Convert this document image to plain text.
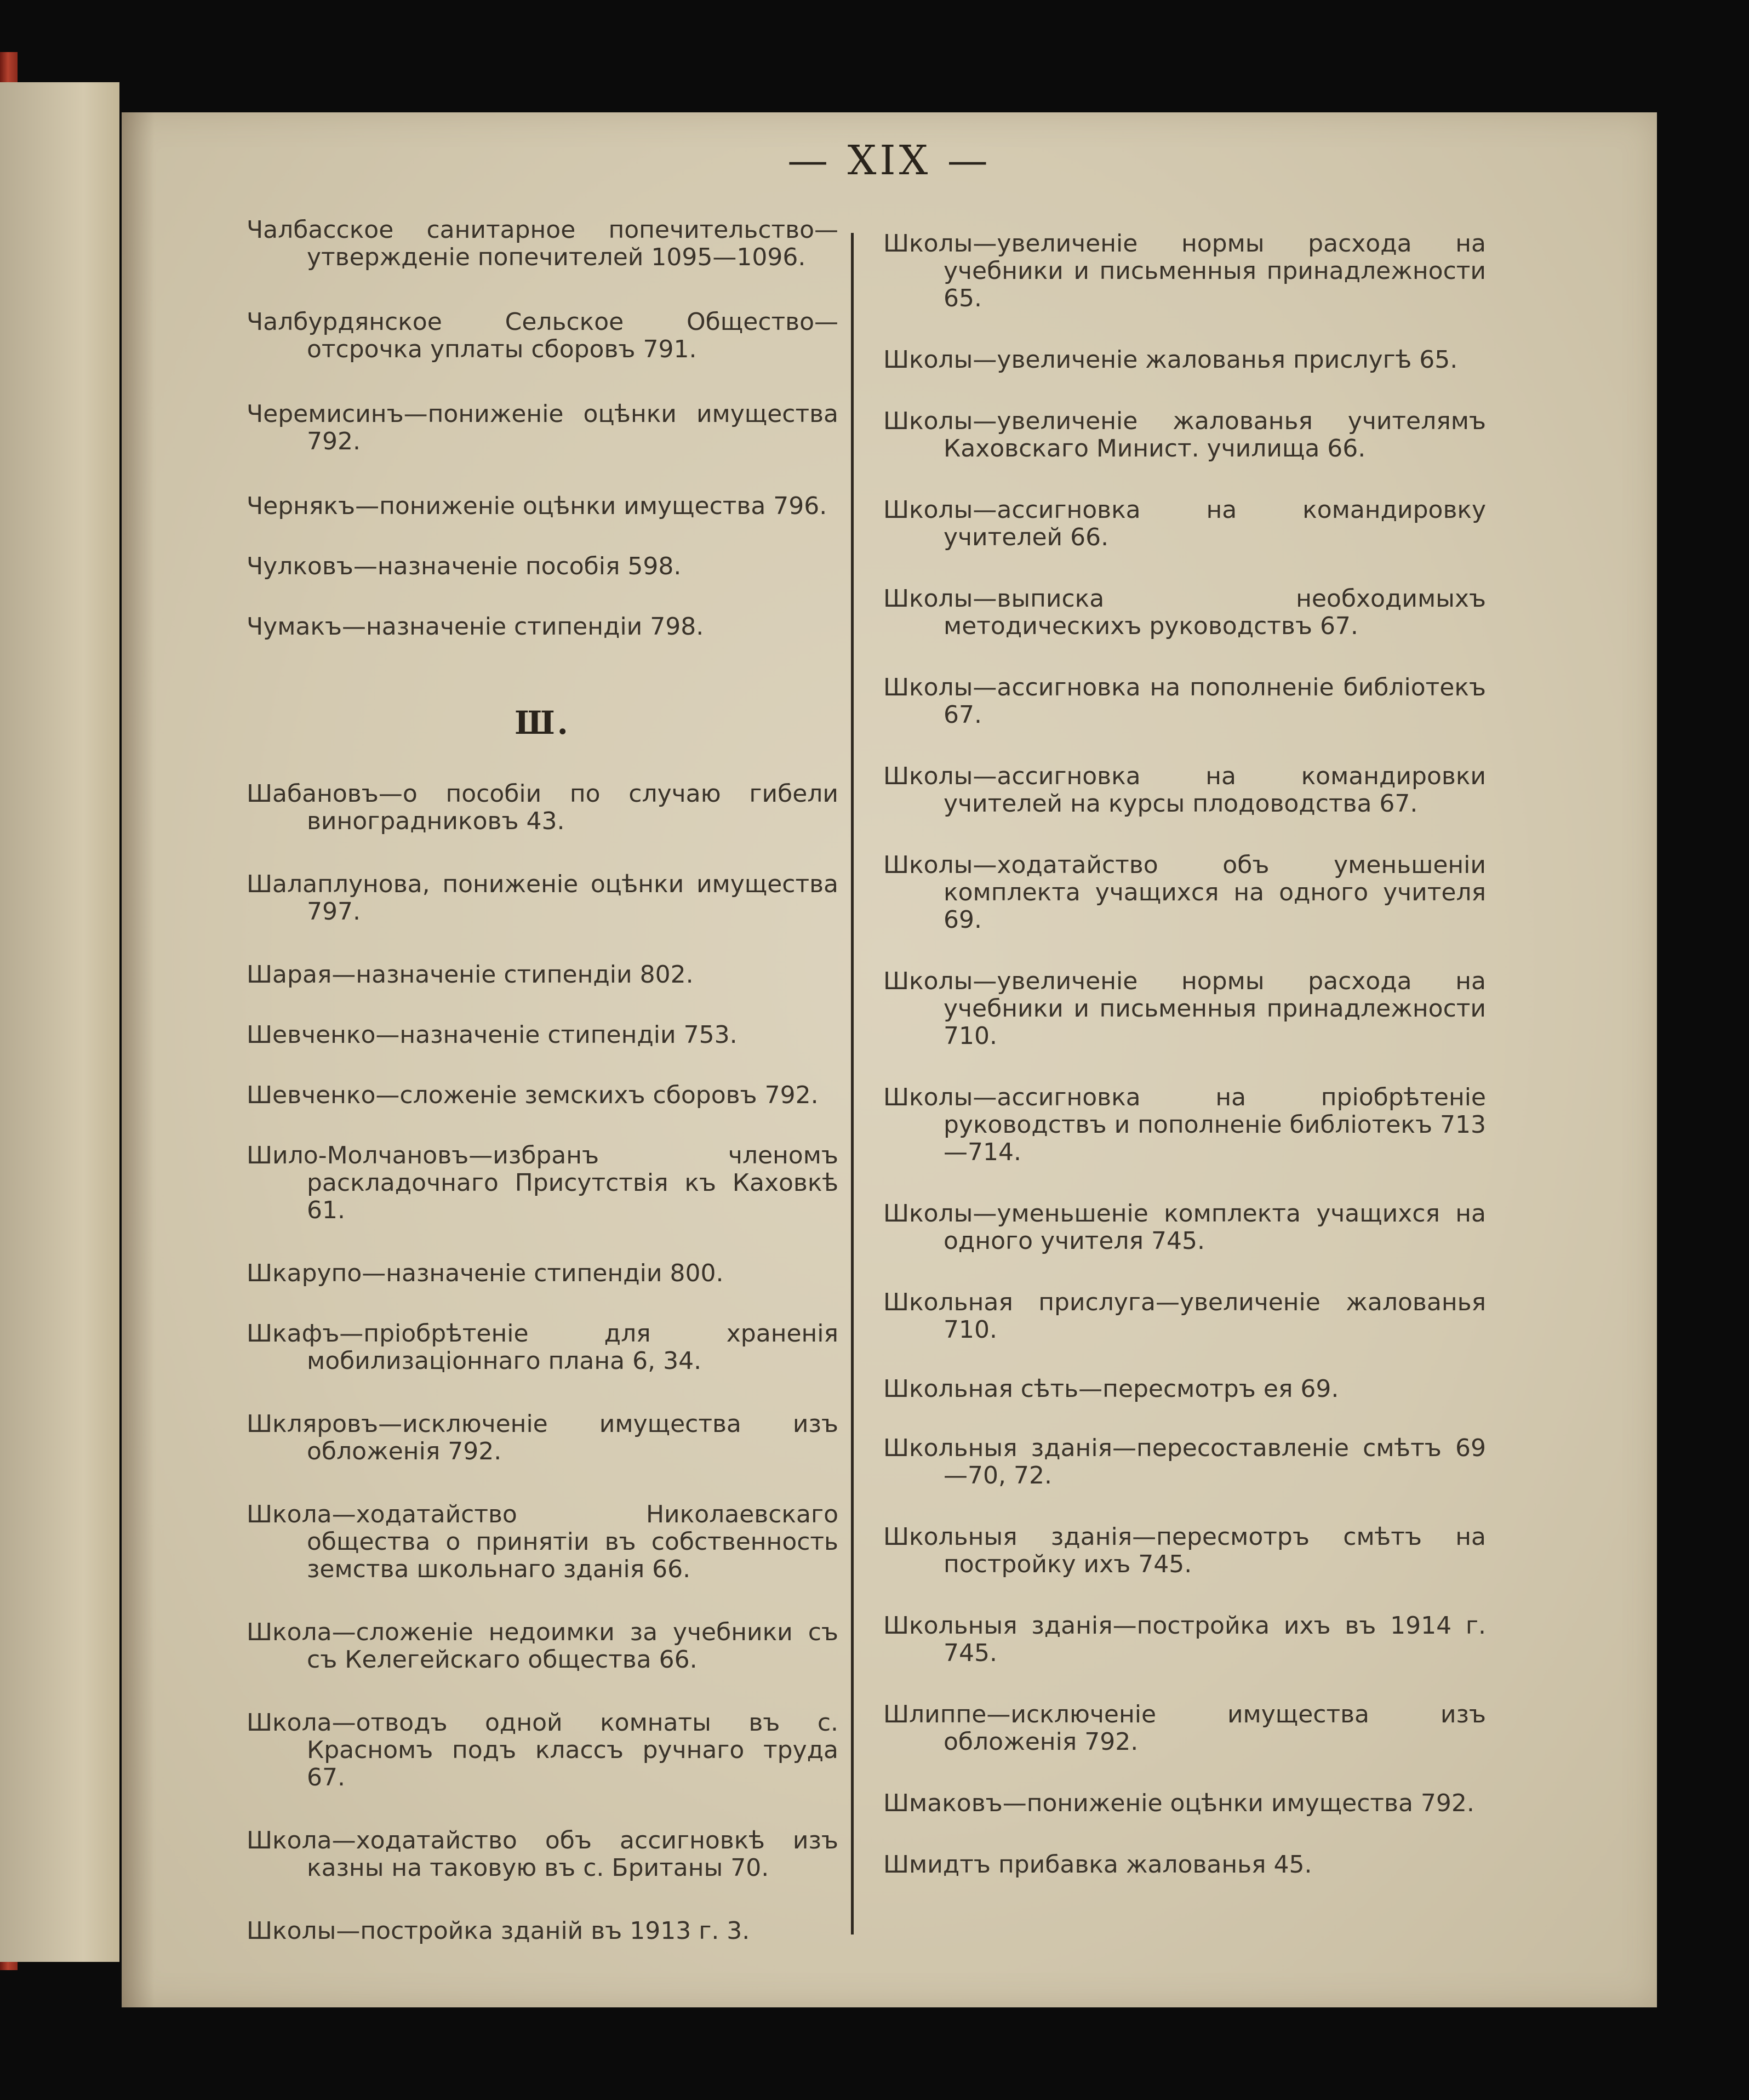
— XIX —
Чалбасское санитарное попечительство— утвержденіе попечителей 1095—1096.
Чалбурдянское Сельское Общество—отсрочка уплаты сборовъ 791.
Черемисинъ—пониженіе оцѣнки имущества 792.
Чернякъ—пониженіе оцѣнки имущества 796.
Чулковъ—назначеніе пособія 598.
Чумакъ—назначеніе стипендіи 798.
Ш.
Шабановъ—о пособіи по случаю гибели виноградниковъ 43.
Шалаплунова, пониженіе оцѣнки имущества 797.
Шарая—назначеніе стипендіи 802.
Шевченко—назначеніе стипендіи 753.
Шевченко—сложеніе земскихъ сборовъ 792.
Шило-Молчановъ—избранъ членомъ раскладочнаго Присутствія къ Каховкѣ 61.
Шкарупо—назначеніе стипендіи 800.
Шкафъ—пріобрѣтеніе для храненія мобилизаціоннаго плана 6, 34.
Шкляровъ—исключеніе имущества изъ обложенія 792.
Школа—ходатайство Николаевскаго общества о принятіи въ собственность земства школьнаго зданія 66.
Школа—сложеніе недоимки за учебники съ съ Келегейскаго общества 66.
Школа—отводъ одной комнаты въ с. Красномъ подъ классъ ручнаго труда 67.
Школа—ходатайство объ ассигновкѣ изъ казны на таковую въ с. Британы 70.
Школы—постройка зданій въ 1913 г. 3.
Школы—увеличеніе нормы расхода на учебники и письменныя принадлежности 65.
Школы—увеличеніе жалованья прислугѣ 65.
Школы—увеличеніе жалованья учителямъ Каховскаго Минист. училища 66.
Школы—ассигновка на командировку учителей 66.
Школы—выписка необходимыхъ методическихъ руководствъ 67.
Школы—ассигновка на пополненіе библіотекъ 67.
Школы—ассигновка на командировки учителей на курсы плодоводства 67.
Школы—ходатайство объ уменьшеніи комплекта учащихся на одного учителя 69.
Школы—увеличеніе нормы расхода на учебники и письменныя принадлежности 710.
Школы—ассигновка на пріобрѣтеніе руководствъ и пополненіе библіотекъ 713—714.
Школы—уменьшеніе комплекта учащихся на одного учителя 745.
Школьная прислуга—увеличеніе жалованья 710.
Школьная сѣть—пересмотръ ея 69.
Школьныя зданія—пересоставленіе смѣтъ 69—70, 72.
Школьныя зданія—пересмотръ смѣтъ на постройку ихъ 745.
Школьныя зданія—постройка ихъ въ 1914 г. 745.
Шлиппе—исключеніе имущества изъ обложенія 792.
Шмаковъ—пониженіе оцѣнки имущества 792.
Шмидтъ прибавка жалованья 45.
